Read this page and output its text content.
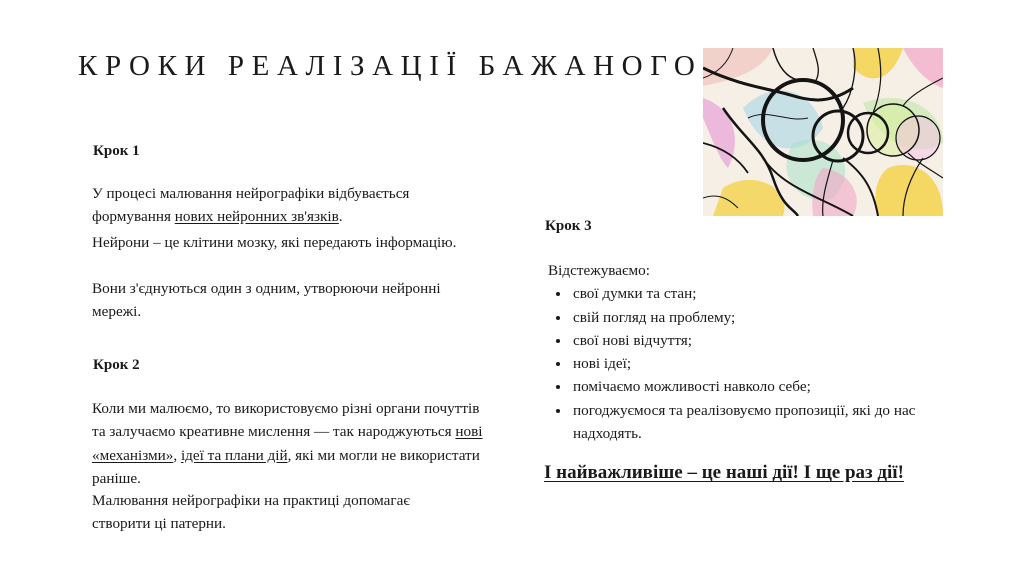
КРОКИ РЕАЛІЗАЦІЇ БАЖАНОГО
Крок 1

У процесі малювання нейрографіки відбувається формування нових нейронних зв'язків.

Нейрони – це клітини мозку, які передають інформацію.

Вони з'єднуються один з одним, утворюючи нейронні мережі.

Крок 2

Коли ми малюємо, то використовуємо різні органи почуттів та залучаємо креативне мислення — так народжуються нові «механізми», ідеї та плани дій, які ми могли не використати раніше.

Малювання нейрографіки на практиці допомагає створити ці патерни.

Крок 3
Відстежуваємо:
• свої думки та стан;
• свій погляд на проблему;
• свої нові відчуття;
• нові ідеї;
• помічаємо можливості навколо себе;
• погоджуємося та реалізовуємо пропозиції, які до нас надходять.

І найважливіше – це наші дії! І ще раз дії!
